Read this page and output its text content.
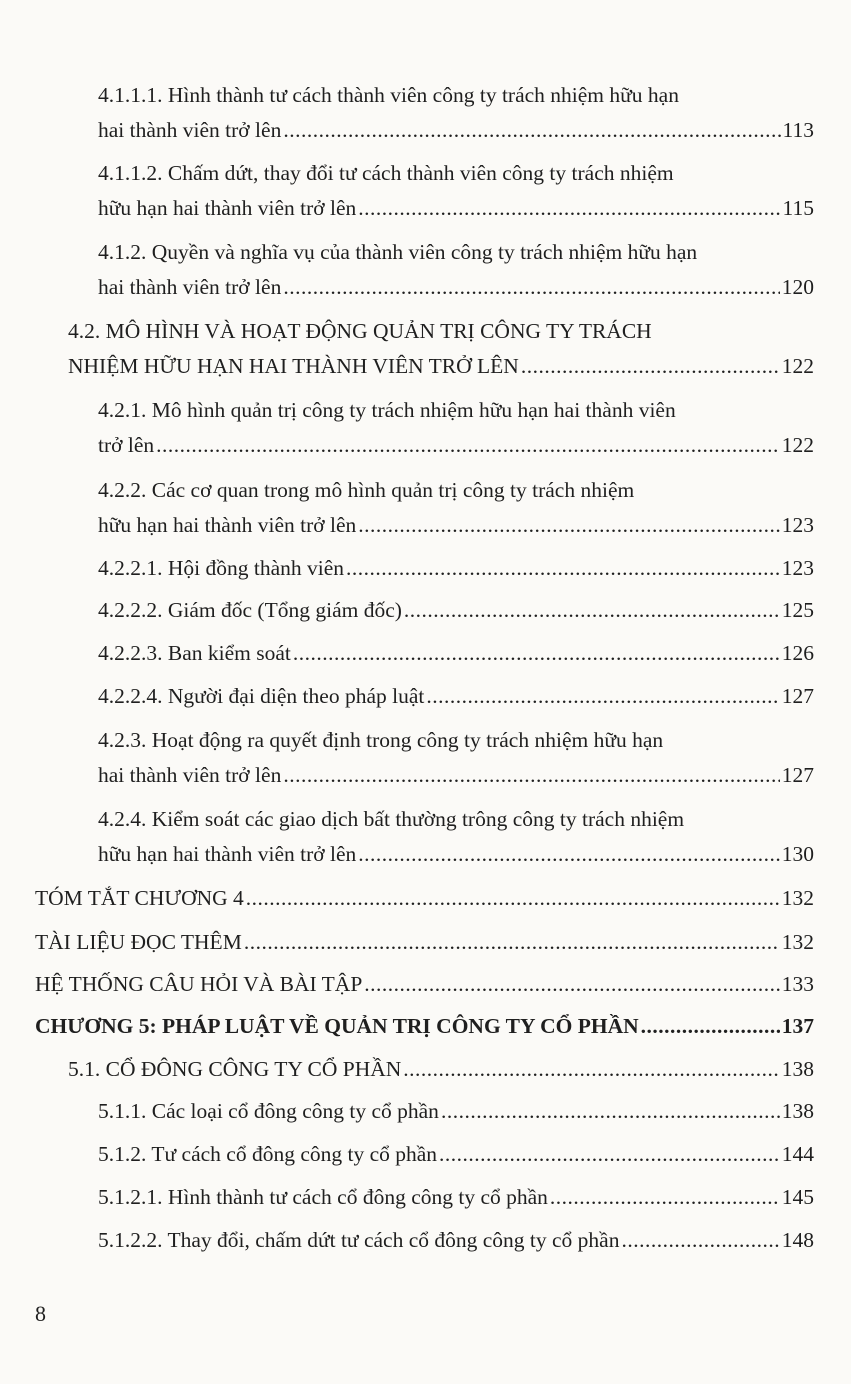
4.1.1.1. Hình thành tư cách thành viên công ty trách nhiệm hữu hạn
hai thành viên trở lên .....	113
4.1.1.2. Chấm dứt, thay đổi tư cách thành viên công ty trách nhiệm
hữu hạn hai thành viên trở lên .....	115
4.1.2. Quyền và nghĩa vụ của thành viên công ty trách nhiệm hữu hạn
hai thành viên trở lên .....	120
4.2. MÔ HÌNH VÀ HOẠT ĐỘNG QUẢN TRỊ CÔNG TY TRÁCH
NHIỆM HỮU HẠN HAI THÀNH VIÊN TRỞ LÊN .....	122
4.2.1. Mô hình quản trị công ty trách nhiệm hữu hạn hai thành viên
trở lên .....	122
4.2.2. Các cơ quan trong mô hình quản trị công ty trách nhiệm
hữu hạn hai thành viên trở lên .....	123
4.2.2.1. Hội đồng thành viên .....	123
4.2.2.2. Giám đốc (Tổng giám đốc) .....	125
4.2.2.3. Ban kiểm soát .....	126
4.2.2.4. Người đại diện theo pháp luật .....	127
4.2.3. Hoạt động ra quyết định trong công ty trách nhiệm hữu hạn
hai thành viên trở lên .....	127
4.2.4. Kiểm soát các giao dịch bất thường trông công ty trách nhiệm
hữu hạn hai thành viên trở lên .....	130
TÓM TẮT CHƯƠNG 4 .....	132
TÀI LIỆU ĐỌC THÊM .....	132
HỆ THỐNG CÂU HỎI VÀ BÀI TẬP .....	133
CHƯƠNG 5: PHÁP LUẬT VỀ QUẢN TRỊ CÔNG TY CỔ PHẦN .....	137
5.1. CỔ ĐÔNG CÔNG TY CỔ PHẦN .....	138
5.1.1. Các loại cổ đông công ty cổ phần .....	138
5.1.2. Tư cách cổ đông công ty cổ phần .....	144
5.1.2.1. Hình thành tư cách cổ đông công ty cổ phần .....	145
5.1.2.2. Thay đổi, chấm dứt tư cách cổ đông công ty cổ phần .....	148
8
